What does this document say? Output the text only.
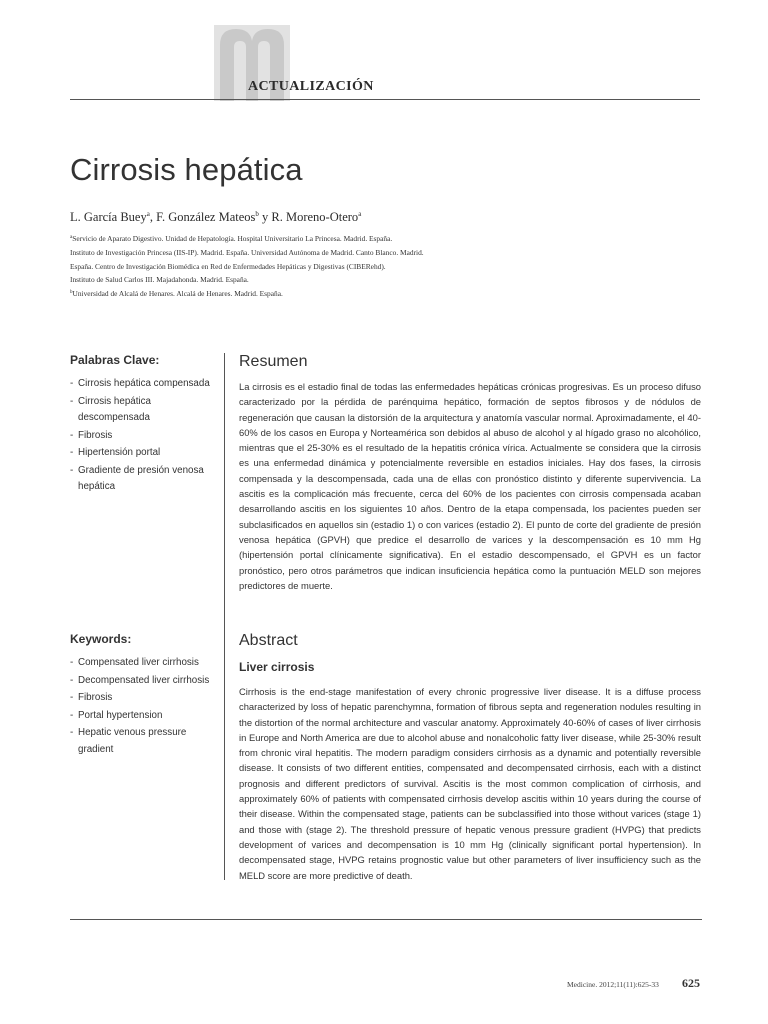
ACTUALIZACIÓN
Cirrosis hepática
L. García Buey$^a$, F. González Mateos$^b$ y R. Moreno-Otero$^a$
$^a$Servicio de Aparato Digestivo. Unidad de Hepatología. Hospital Universitario La Princesa. Madrid. España.
Instituto de Investigación Princesa (IIS-IP). Madrid. España. Universidad Autónoma de Madrid. Canto Blanco. Madrid.
España. Centro de Investigación Biomédica en Red de Enfermedades Hepáticas y Digestivas (CIBERehd).
Instituto de Salud Carlos III. Majadahonda. Madrid. España.
$^b$Universidad de Alcalá de Henares. Alcalá de Henares. Madrid. España.
Palabras Clave:
- Cirrosis hepática compensada
- Cirrosis hepática descompensada
- Fibrosis
- Hipertensión portal
- Gradiente de presión venosa hepática
Resumen

La cirrosis es el estadio final de todas las enfermedades hepáticas crónicas progresivas. Es un proceso difuso caracterizado por la pérdida de parénquima hepático, formación de septos fibrosos y de nódulos de regeneración que causan la distorsión de la arquitectura y anatomía vascular normal. Aproximadamente, el 40-60% de los casos en Europa y Norteamérica son debidos al abuso de alcohol y al hígado graso no alcohólico, mientras que el 25-30% es el resultado de la hepatitis crónica vírica. Actualmente se considera que la cirrosis es una enfermedad dinámica y potencialmente reversible en estadios iniciales. Hay dos fases, la cirrosis compensada y la descompensada, cada una de ellas con pronóstico distinto y diferente supervivencia. La ascitis es la complicación más frecuente, cerca del 60% de los pacientes con cirrosis compensada acaban desarrollando ascitis en los siguientes 10 años. Dentro de la etapa compensada, los pacientes pueden ser subclasificados en aquellos sin (estadio 1) o con varices (estadio 2). El punto de corte del gradiente de presión venosa hepática (GPVH) que predice el desarrollo de varices y la descompensación es 10 mm Hg (hipertensión portal clínicamente significativa). En el estadio descompensado, el GPVH es un factor pronóstico, pero otros parámetros que indican insuficiencia hepática como la puntuación MELD son mejores predictores de muerte.

Keywords:
- Compensated liver cirrhosis
- Decompensated liver cirrhosis
- Fibrosis
- Portal hypertension
- Hepatic venous pressure gradient
Abstract
Liver cirrosis

Cirrhosis is the end-stage manifestation of every chronic progressive liver disease. It is a diffuse process characterized by loss of hepatic parenchymna, formation of fibrous septa and regeneration nodules resulting in the distortion of the normal architecture and vascular anatomy. Approximately 40-60% of cases of liver cirrhosis in Europe and North America are due to alcohol abuse and nonalcoholic fatty liver disease, while 25-30% result from chronic viral hepatitis. The modern paradigm considers cirrhosis as a dynamic and potentially reversible disease. It consists of two different entities, compensated and decompensated cirrhosis, each with a distinct prognosis and different predictors of survival. Ascitis is the most common complication of cirrhosis, and approximately 60% of patients with compensated cirrhosis develop ascitis within 10 years during the course of their disease. Within the compensated stage, patients can be subclassified into those without varices (stage 1) and those with (stage 2). The threshold pressure of hepatic venous pressure gradient (HVPG) that predicts development of varices and decompensation is 10 mm Hg (clinically significant portal hypertension). In decompensated stage, HVPG retains prognostic value but other parameters of liver insufficiency such as the MELD score are more predictive of death.

Medicine. 2012;11(11):625-33 625
